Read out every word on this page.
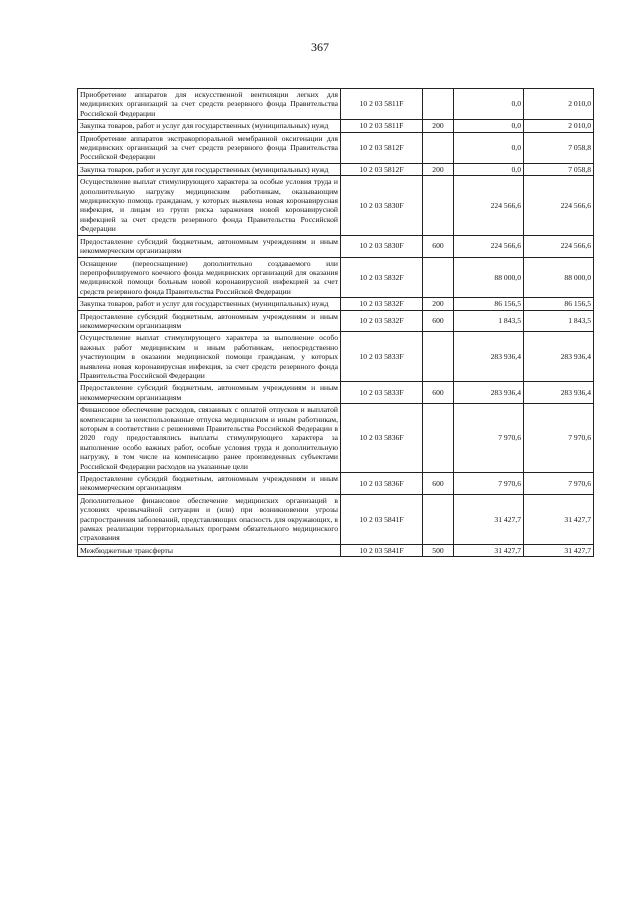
367
Приобретение аппаратов для искусственной вентиляции легких для медицинских организаций за счет средств резервного фонда Правительства Российской Федерации	10 2 03 5811F		0,0	2 010,0
Закупка товаров, работ и услуг для государственных (муниципальных) нужд	10 2 03 5811F	200	0,0	2 010,0
Приобретение аппаратов экстракорпоральной мембранной оксигенации для медицинских организаций за счет средств резервного фонда Правительства Российской Федерации	10 2 03 5812F		0,0	7 058,8
Закупка товаров, работ и услуг для государственных (муниципальных) нужд	10 2 03 5812F	200	0,0	7 058,8
Осуществление выплат стимулирующего характера за особые условия труда и дополнительную нагрузку медицинским работникам, оказывающим медицинскую помощь гражданам, у которых выявлена новая коронавирусная инфекция, и лицам из групп риска заражения новой коронавирусной инфекцией за счет средств резервного фонда Правительства Российской Федерации	10 2 03 5830F		224 566,6	224 566,6
Предоставление субсидий бюджетным, автономным учреждениям и иным некоммерческим организациям	10 2 03 5830F	600	224 566,6	224 566,6
Оснащение (переоснащение) дополнительно создаваемого или перепрофилируемого коечного фонда медицинских организаций для оказания медицинской помощи больным новой коронавирусной инфекцией за счет средств резервного фонда Правительства Российской Федерации	10 2 03 5832F		88 000,0	88 000,0
Закупка товаров, работ и услуг для государственных (муниципальных) нужд	10 2 03 5832F	200	86 156,5	86 156,5
Предоставление субсидий бюджетным, автономным учреждениям и иным некоммерческим организациям	10 2 03 5832F	600	1 843,5	1 843,5
Осуществление выплат стимулирующего характера за выполнение особо важных работ медицинским и иным работникам, непосредственно участвующим в оказании медицинской помощи гражданам, у которых выявлена новая коронавирусная инфекция, за счет средств резервного фонда Правительства Российской Федерации	10 2 03 5833F		283 936,4	283 936,4
Предоставление субсидий бюджетным, автономным учреждениям и иным некоммерческим организациям	10 2 03 5833F	600	283 936,4	283 936,4
Финансовое обеспечение расходов, связанных с оплатой отпусков и выплатой компенсации за неиспользованные отпуска медицинским и иным работникам, которым в соответствии с решениями Правительства Российской Федерации в 2020 году предоставлялись выплаты стимулирующего характера за выполнение особо важных работ, особые условия труда и дополнительную нагрузку, в том числе на компенсацию ранее произведенных субъектами Российской Федерации расходов на указанные цели	10 2 03 5836F		7 970,6	7 970,6
Предоставление субсидий бюджетным, автономным учреждениям и иным некоммерческим организациям	10 2 03 5836F	600	7 970,6	7 970,6
Дополнительное финансовое обеспечение медицинских организаций в условиях чрезвычайной ситуации и (или) при возникновении угрозы распространения заболеваний, представляющих опасность для окружающих, в рамках реализации территориальных программ обязательного медицинского страхования	10 2 03 5841F		31 427,7	31 427,7
Межбюджетные трансферты	10 2 03 5841F	500	31 427,7	31 427,7
